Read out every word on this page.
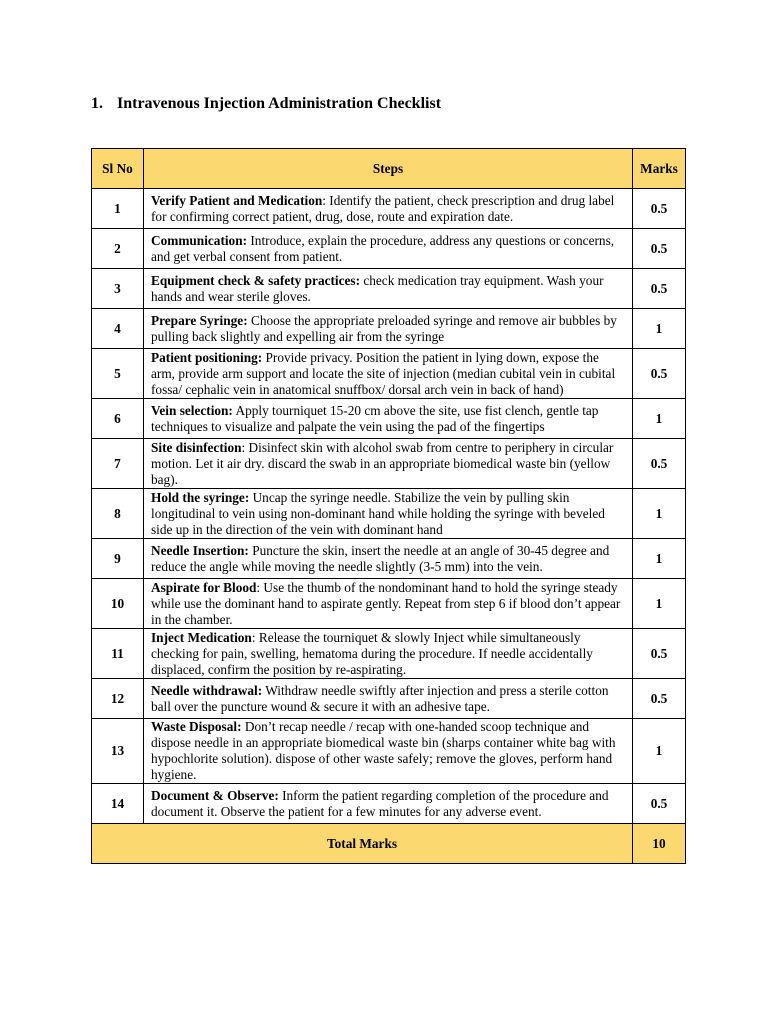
1. Intravenous Injection Administration Checklist
Sl No	Steps	Marks
1	Verify Patient and Medication: Identify the patient, check prescription and drug label for confirming correct patient, drug, dose, route and expiration date.	0.5
2	Communication: Introduce, explain the procedure, address any questions or concerns, and get verbal consent from patient.	0.5
3	Equipment check & safety practices: check medication tray equipment. Wash your hands and wear sterile gloves.	0.5
4	Prepare Syringe: Choose the appropriate preloaded syringe and remove air bubbles by pulling back slightly and expelling air from the syringe	1
5	Patient positioning: Provide privacy. Position the patient in lying down, expose the arm, provide arm support and locate the site of injection (median cubital vein in cubital fossa/ cephalic vein in anatomical snuffbox/ dorsal arch vein in back of hand)	0.5
6	Vein selection: Apply tourniquet 15-20 cm above the site, use fist clench, gentle tap techniques to visualize and palpate the vein using the pad of the fingertips	1
7	Site disinfection: Disinfect skin with alcohol swab from centre to periphery in circular motion. Let it air dry. discard the swab in an appropriate biomedical waste bin (yellow bag).	0.5
8	Hold the syringe: Uncap the syringe needle. Stabilize the vein by pulling skin longitudinal to vein using non-dominant hand while holding the syringe with beveled side up in the direction of the vein with dominant hand	1
9	Needle Insertion: Puncture the skin, insert the needle at an angle of 30-45 degree and reduce the angle while moving the needle slightly (3-5 mm) into the vein.	1
10	Aspirate for Blood: Use the thumb of the nondominant hand to hold the syringe steady while use the dominant hand to aspirate gently. Repeat from step 6 if blood don’t appear in the chamber.	1
11	Inject Medication: Release the tourniquet & slowly Inject while simultaneously checking for pain, swelling, hematoma during the procedure. If needle accidentally displaced, confirm the position by re-aspirating.	0.5
12	Needle withdrawal: Withdraw needle swiftly after injection and press a sterile cotton ball over the puncture wound & secure it with an adhesive tape.	0.5
13	Waste Disposal: Don’t recap needle / recap with one-handed scoop technique and dispose needle in an appropriate biomedical waste bin (sharps container white bag with hypochlorite solution). dispose of other waste safely; remove the gloves, perform hand hygiene.	1
14	Document & Observe: Inform the patient regarding completion of the procedure and document it. Observe the patient for a few minutes for any adverse event.	0.5
Total Marks		10
